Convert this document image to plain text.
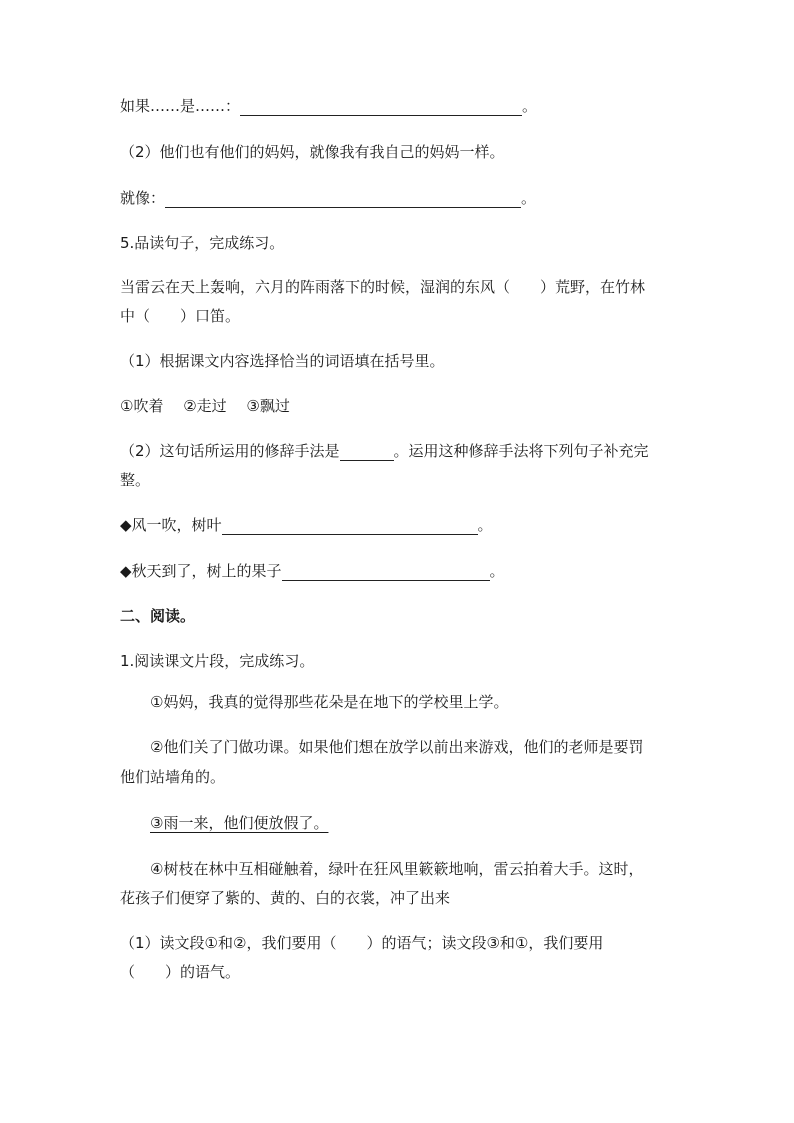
如果……是……：	。
（2）他们也有他们的妈妈，就像我有我自己的妈妈一样。
就像：	。
5.品读句子，完成练习。
当雷云在天上轰响，六月的阵雨落下的时候，湿润的东风（　　）荒野，在竹林
中（　　）口笛。
（1）根据课文内容选择恰当的词语填在括号里。
①吹着　 ②走过　 ③飘过
（2）这句话所运用的修辞手法是	。运用这种修辞手法将下列句子补充完
整。
◆风一吹，树叶	。
◆秋天到了，树上的果子	。
二、阅读。
1.阅读课文片段，完成练习。
①妈妈，我真的觉得那些花朵是在地下的学校里上学。
②他们关了门做功课。如果他们想在放学以前出来游戏，他们的老师是要罚
他们站墙角的。
③雨一来，他们便放假了。
④树枝在林中互相碰触着，绿叶在狂风里簌簌地响，雷云拍着大手。这时，
花孩子们便穿了紫的、黄的、白的衣裳，冲了出来
（1）读文段①和②，我们要用（　　）的语气；读文段③和①，我们要用
（　　）的语气。
